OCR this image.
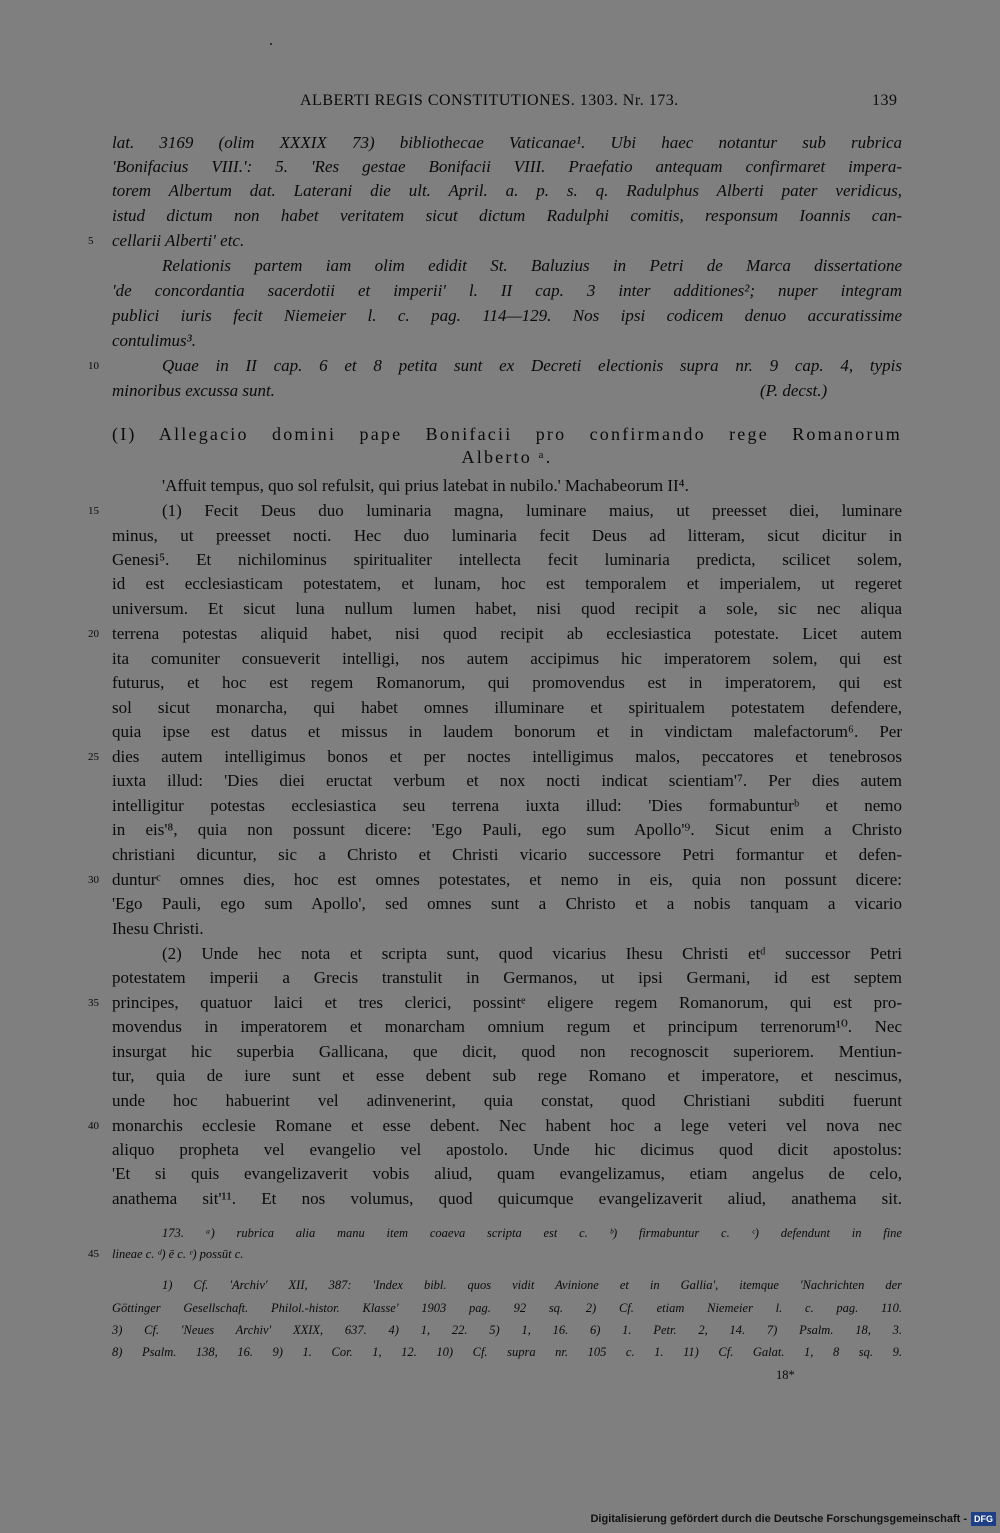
ALBERTI REGIS CONSTITUTIONES. 1303. Nr. 173.	139
lat. 3169 (olim XXXIX 73) bibliothecae Vaticanae¹. Ubi haec notantur sub rubrica
'Bonifacius VIII.': 5. 'Res gestae Bonifacii VIII. Praefatio antequam confirmaret impera-
torem Albertum dat. Laterani die ult. April. a. p. s. q. Radulphus Alberti pater veridicus,
istud dictum non habet veritatem sicut dictum Radulphi comitis, responsum Ioannis can-
5	cellarii Alberti' etc.
Relationis partem iam olim edidit St. Baluzius in Petri de Marca dissertatione
'de concordantia sacerdotii et imperii' l. II cap. 3 inter additiones²; nuper integram
publici iuris fecit Niemeier l. c. pag. 114—129. Nos ipsi codicem denuo accuratissime
contulimus³.
10	Quae in II cap. 6 et 8 petita sunt ex Decreti electionis supra nr. 9 cap. 4, typis
minoribus excussa sunt.	(P. decst.)
(I) Allegacio domini pape Bonifacii pro confirmando rege Romanorum
Alberto ᵃ.
'Affuit tempus, quo sol refulsit, qui prius latebat in nubilo.' Machabeorum II⁴.
15	(1) Fecit Deus duo luminaria magna, luminare maius, ut preesset diei, luminare
minus, ut preesset nocti. Hec duo luminaria fecit Deus ad litteram, sicut dicitur in
Genesi⁵. Et nichilominus spiritualiter intellecta fecit luminaria predicta, scilicet solem,
id est ecclesiasticam potestatem, et lunam, hoc est temporalem et imperialem, ut regeret
universum. Et sicut luna nullum lumen habet, nisi quod recipit a sole, sic nec aliqua
20 terrena potestas aliquid habet, nisi quod recipit ab ecclesiastica potestate. Licet autem
ita comuniter consueverit intelligi, nos autem accipimus hic imperatorem solem, qui est
futurus, et hoc est regem Romanorum, qui promovendus est in imperatorem, qui est
sol sicut monarcha, qui habet omnes illuminare et spiritualem potestatem defendere,
quia ipse est datus et missus in laudem bonorum et in vindictam malefactorum⁶. Per
25 dies autem intelligimus bonos et per noctes intelligimus malos, peccatores et tenebrosos
iuxta illud: 'Dies diei eructat verbum et nox nocti indicat scientiam'⁷. Per dies autem
intelligitur potestas ecclesiastica seu terrena iuxta illud: 'Dies formabunturᵇ et nemo
in eis'⁸, quia non possunt dicere: 'Ego Pauli, ego sum Apollo'⁹. Sicut enim a Christo
christiani dicuntur, sic a Christo et Christi vicario successore Petri formantur et defen-
30 dunturᶜ omnes dies, hoc est omnes potestates, et nemo in eis, quia non possunt dicere:
'Ego Pauli, ego sum Apollo', sed omnes sunt a Christo et a nobis tanquam a vicario
Ihesu Christi.
(2) Unde hec nota et scripta sunt, quod vicarius Ihesu Christi etᵈ successor Petri
potestatem imperii a Grecis transtulit in Germanos, ut ipsi Germani, id est septem
35 principes, quatuor laici et tres clerici, possintᵉ eligere regem Romanorum, qui est pro-
movendus in imperatorem et monarcham omnium regum et principum terrenorum¹⁰. Nec
insurgat hic superbia Gallicana, que dicit, quod non recognoscit superiorem. Mentiun-
tur, quia de iure sunt et esse debent sub rege Romano et imperatore, et nescimus,
unde hoc habuerint vel adinvenerint, quia constat, quod Christiani subditi fuerunt
40 monarchis ecclesie Romane et esse debent. Nec habent hoc a lege veteri vel nova nec
aliquo propheta vel evangelio vel apostolo. Unde hic dicimus quod dicit apostolus:
'Et si quis evangelizaverit vobis aliud, quam evangelizamus, etiam angelus de celo,
anathema sit'¹¹. Et nos volumus, quod quicumque evangelizaverit aliud, anathema sit.
173. ᵃ) rubrica alia manu item coaeva scripta est c. ᵇ) firmabuntur c. ᶜ) defendunt in fine
45	lineae c. ᵈ) ē c. ᵉ) possūt c.
1) Cf. 'Archiv' XII, 387: 'Index bibl. quos vidit Avinione et in Gallia', itemque 'Nachrichten der
Göttinger Gesellschaft. Philol.-histor. Klasse' 1903 pag. 92 sq. 2) Cf. etiam Niemeier l. c. pag. 110.
3) Cf. 'Neues Archiv' XXIX, 637. 4) 1, 22. 5) 1, 16. 6) 1. Petr. 2, 14. 7) Psalm. 18, 3.
8) Psalm. 138, 16. 9) 1. Cor. 1, 12. 10) Cf. supra nr. 105 c. 1. 11) Cf. Galat. 1, 8 sq. 9.
18*
Digitalisierung gefördert durch die Deutsche Forschungsgemeinschaft - DFG
